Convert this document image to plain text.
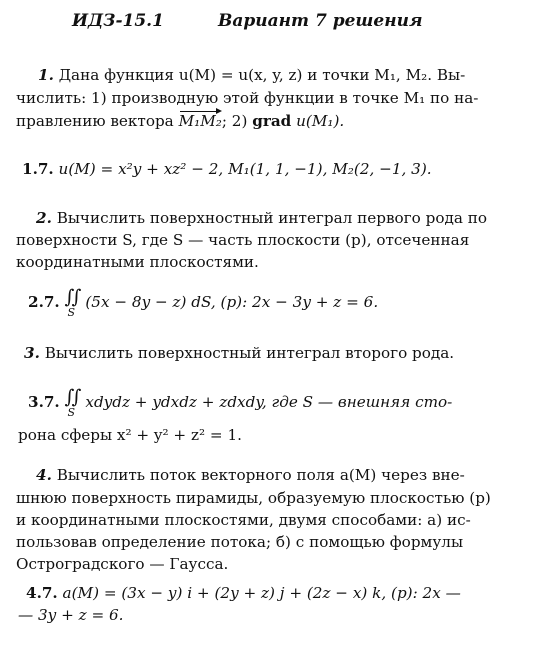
ИДЗ-15.1	Вариант 7 решения
1. Дана функция u(M) = u(x, y, z) и точки M₁, M₂. Вы-
числить: 1) производную этой функции в точке M₁ по на-
правлению вектора M₁M₂; 2) grad u(M₁).
1.7. u(M) = x²y + xz² − 2, M₁(1, 1, −1), M₂(2, −1, 3).
2. Вычислить поверхностный интеграл первого рода по
поверхности S, где S — часть плоскости (p), отсеченная
координатными плоскостями.
2.7. ∫∫
S
(5x − 8y − z) dS, (p): 2x − 3y + z = 6.
3. Вычислить поверхностный интеграл второго рода.
3.7. ∫∫
S
xdydz + ydxdz + zdxdy, где S — внешняя сто-
рона сферы x² + y² + z² = 1.
4. Вычислить поток векторного поля a(M) через вне-
шнюю поверхность пирамиды, образуемую плоскостью (p)
и координатными плоскостями, двумя способами: а) ис-
пользовав определение потока; б) с помощью формулы
Остроградского — Гаусса.
4.7. a(M) = (3x − y) i + (2y + z) j + (2z − x) k, (p): 2x —
— 3y + z = 6.
